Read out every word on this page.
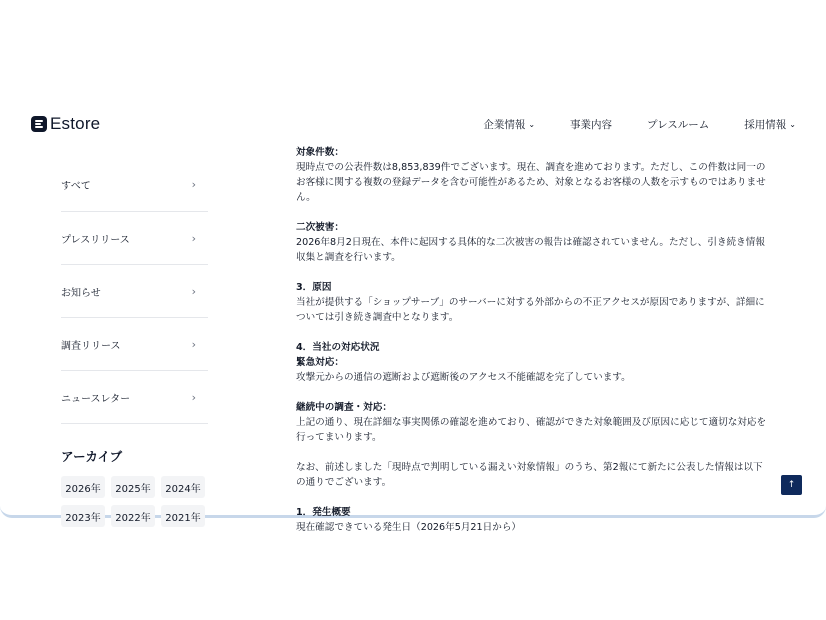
Estore	企業情報 ⌄	事業内容	プレスルーム	採用情報 ⌄
すべて	›
プレスリリース	›
お知らせ	›
調査リリース	›
ニュースレター	›
アーカイブ
2026年	2025年	2024年
2023年	2022年	2021年

対象件数：

現時点での公表件数は8,853,839件でございます。現在、調査を進めております。ただし、この件数は同一のお客様に関する複数の登録データを含む可能性があるため、対象となるお客様の人数を示すものではありません。

二次被害：

2026年8月2日現在、本件に起因する具体的な二次被害の報告は確認されていません。ただし、引き続き情報収集と調査を行います。

3．原因

当社が提供する「ショップサーブ」のサーバーに対する外部からの不正アクセスが原因でありますが、詳細については引き続き調査中となります。

4．当社の対応状況

緊急対応：

攻撃元からの通信の遮断および遮断後のアクセス不能確認を完了しています。

継続中の調査・対応：

上記の通り、現在詳細な事実関係の確認を進めており、確認ができた対象範囲及び原因に応じて適切な対応を行ってまいります。

なお、前述しました「現時点で判明している漏えい対象情報」のうち、第2報にて新たに公表した情報は以下の通りでございます。

1．発生概要

現在確認できている発生日（2026年5月21日から）

↑
